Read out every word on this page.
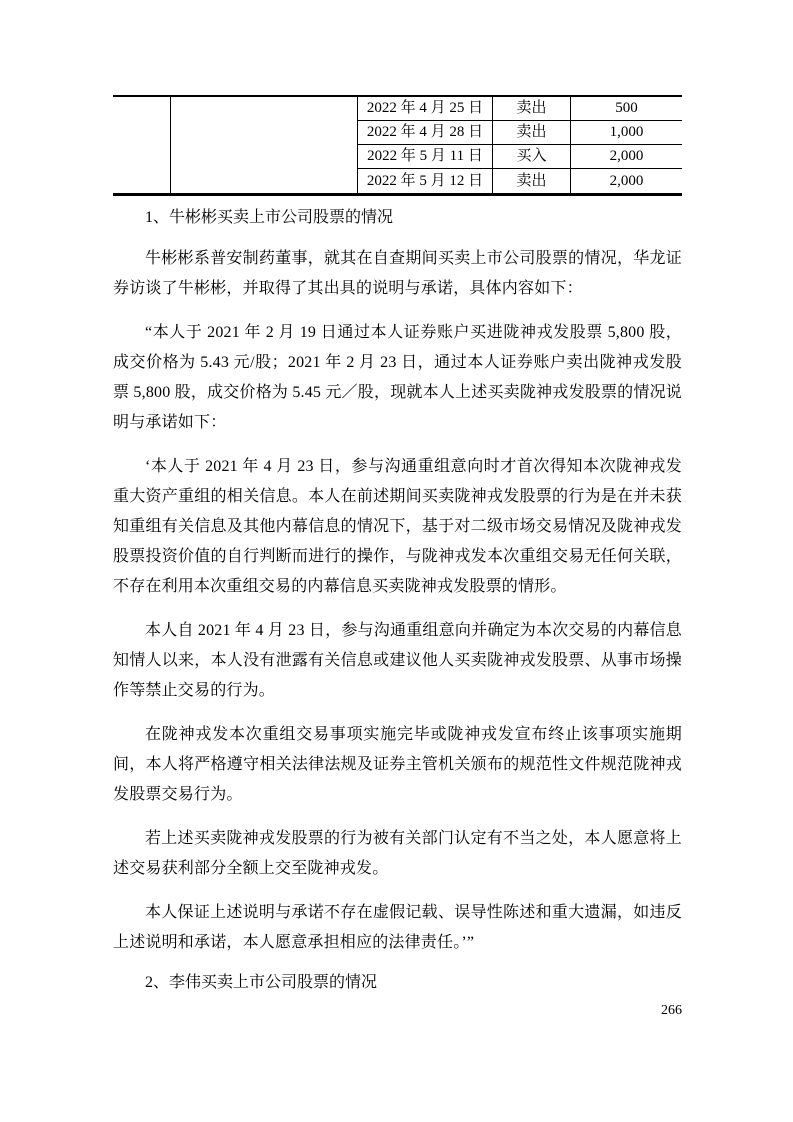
2022 年 4 月 25 日	卖出	500
2022 年 4 月 28 日	卖出	1,000
2022 年 5 月 11 日	买入	2,000
2022 年 5 月 12 日	卖出	2,000
1、牛彬彬买卖上市公司股票的情况

牛彬彬系普安制药董事，就其在自查期间买卖上市公司股票的情况，华龙证券访谈了牛彬彬，并取得了其出具的说明与承诺，具体内容如下：

“本人于 2021 年 2 月 19 日通过本人证券账户买进陇神戎发股票 5,800 股，成交价格为 5.43 元/股；2021 年 2 月 23 日，通过本人证券账户卖出陇神戎发股票 5,800 股，成交价格为 5.45 元／股，现就本人上述买卖陇神戎发股票的情况说明与承诺如下：

‘本人于 2021 年 4 月 23 日，参与沟通重组意向时才首次得知本次陇神戎发重大资产重组的相关信息。本人在前述期间买卖陇神戎发股票的行为是在并未获知重组有关信息及其他内幕信息的情况下，基于对二级市场交易情况及陇神戎发股票投资价值的自行判断而进行的操作，与陇神戎发本次重组交易无任何关联，不存在利用本次重组交易的内幕信息买卖陇神戎发股票的情形。

本人自 2021 年 4 月 23 日，参与沟通重组意向并确定为本次交易的内幕信息知情人以来，本人没有泄露有关信息或建议他人买卖陇神戎发股票、从事市场操作等禁止交易的行为。

在陇神戎发本次重组交易事项实施完毕或陇神戎发宣布终止该事项实施期间，本人将严格遵守相关法律法规及证券主管机关颁布的规范性文件规范陇神戎发股票交易行为。

若上述买卖陇神戎发股票的行为被有关部门认定有不当之处，本人愿意将上述交易获利部分全额上交至陇神戎发。

本人保证上述说明与承诺不存在虚假记载、误导性陈述和重大遗漏，如违反上述说明和承诺，本人愿意承担相应的法律责任。’”

2、李伟买卖上市公司股票的情况
266
